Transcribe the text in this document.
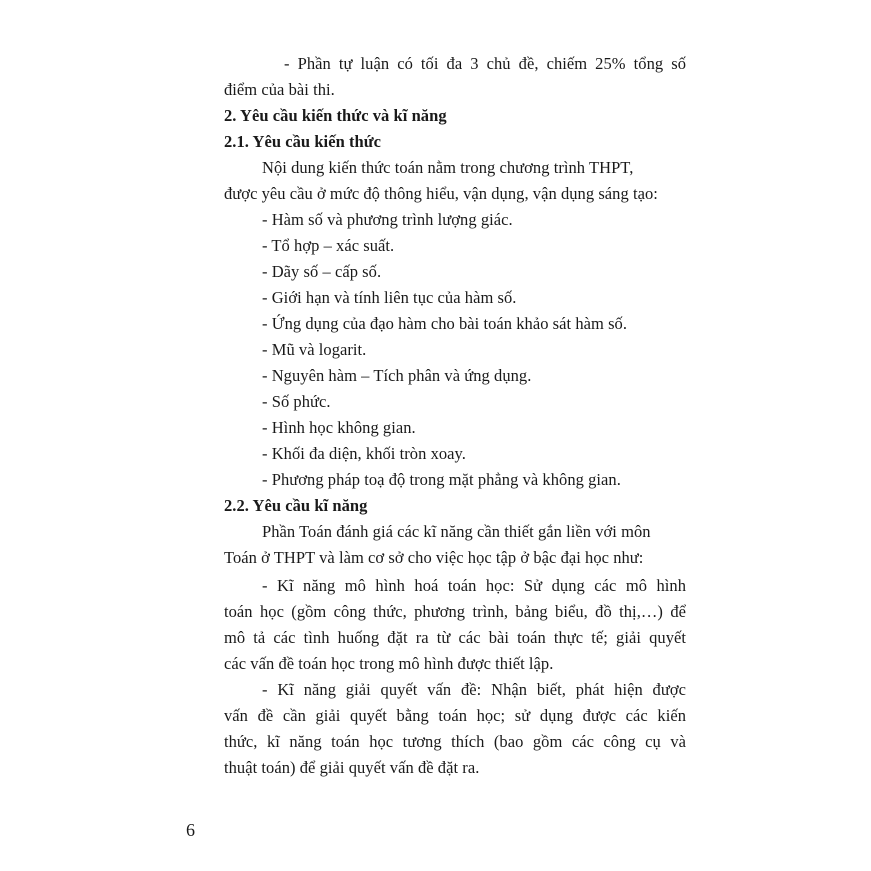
- Phần tự luận có tối đa 3 chủ đề, chiếm 25% tổng số
điểm của bài thi.
2. Yêu cầu kiến thức và kĩ năng
2.1. Yêu cầu kiến thức
Nội dung kiến thức toán nằm trong chương trình THPT,
được yêu cầu ở mức độ thông hiểu, vận dụng, vận dụng sáng tạo:
- Hàm số và phương trình lượng giác.
- Tổ hợp – xác suất.
- Dãy số – cấp số.
- Giới hạn và tính liên tục của hàm số.
- Ứng dụng của đạo hàm cho bài toán khảo sát hàm số.
- Mũ và logarit.
- Nguyên hàm – Tích phân và ứng dụng.
- Số phức.
- Hình học không gian.
- Khối đa diện, khối tròn xoay.
- Phương pháp toạ độ trong mặt phẳng và không gian.
2.2. Yêu cầu kĩ năng
Phần Toán đánh giá các kĩ năng cần thiết gắn liền với môn
Toán ở THPT và làm cơ sở cho việc học tập ở bậc đại học như:
- Kĩ năng mô hình hoá toán học: Sử dụng các mô hình
toán học (gồm công thức, phương trình, bảng biểu, đồ thị,…) để
mô tả các tình huống đặt ra từ các bài toán thực tế; giải quyết
các vấn đề toán học trong mô hình được thiết lập.
- Kĩ năng giải quyết vấn đề: Nhận biết, phát hiện được
vấn đề cần giải quyết bằng toán học; sử dụng được các kiến
thức, kĩ năng toán học tương thích (bao gồm các công cụ và
thuật toán) để giải quyết vấn đề đặt ra.
6
